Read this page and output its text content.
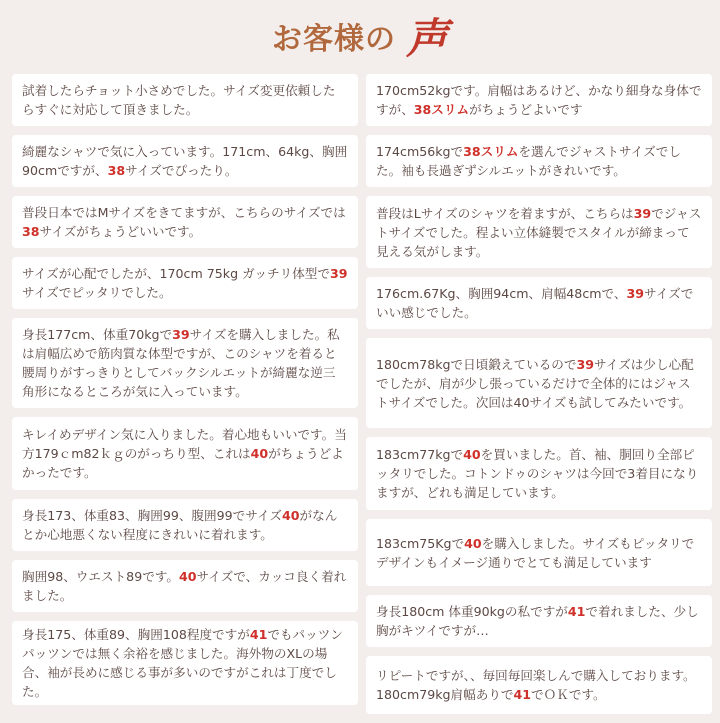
お客様の 声

試着したらチョット小さめでした。サイズ変更依頼したらすぐに対応して頂きました。

綺麗なシャツで気に入っています。171cm、64kg、胸囲90cmですが、38サイズでぴったり。

普段日本ではMサイズをきてますが、こちらのサイズでは38サイズがちょうどいいです。

サイズが心配でしたが、170cm 75kg ガッチリ体型で39サイズでピッタリでした。

身長177cm、体重70kgで39サイズを購入しました。私は肩幅広めで筋肉質な体型ですが、このシャツを着ると腰周りがすっきりとしてバックシルエットが綺麗な逆三角形になるところが気に入っています。

キレイめデザイン気に入りました。着心地もいいです。当方179ｃm82ｋｇのがっちり型、これは40がちょうどよかったです。

身長173、体重83、胸囲99、腹囲99でサイズ40がなんとか心地悪くない程度にきれいに着れます。

胸囲98、ウエスト89です。40サイズで、カッコ良く着れました。

身長175、体重89、胸囲108程度ですが41でもパッツンパッツンでは無く余裕を感じました。海外物のXLの場合、袖が長めに感じる事が多いのですがこれは丁度でした。

170cm52kgです。肩幅はあるけど、かなり細身な身体ですが、38スリムがちょうどよいです

174cm56kgで38スリムを選んでジャストサイズでした。袖も長過ぎずシルエットがきれいです。

普段はLサイズのシャツを着ますが、こちらは39でジャストサイズでした。程よい立体縫製でスタイルが締まって見える気がします。

176cm.67Kg、胸囲94cm、肩幅48cmで、39サイズでいい感じでした。

180cm78kgで日頃鍛えているので39サイズは少し心配でしたが、肩が少し張っているだけで全体的にはジャストサイズでした。次回は40サイズも試してみたいです。

183cm77kgで40を買いました。首、袖、胴回り全部ピッタリでした。コトンドゥのシャツは今回で3着目になりますが、どれも満足しています。

183cm75Kgで40を購入しました。サイズもピッタリでデザインもイメージ通りでとても満足しています

身長180cm 体重90kgの私ですが41で着れました、少し胸がキツイですが…

リピートですが、、毎回毎回楽しんで購入しております。180cm79kg肩幅ありで41でＯＫです。
